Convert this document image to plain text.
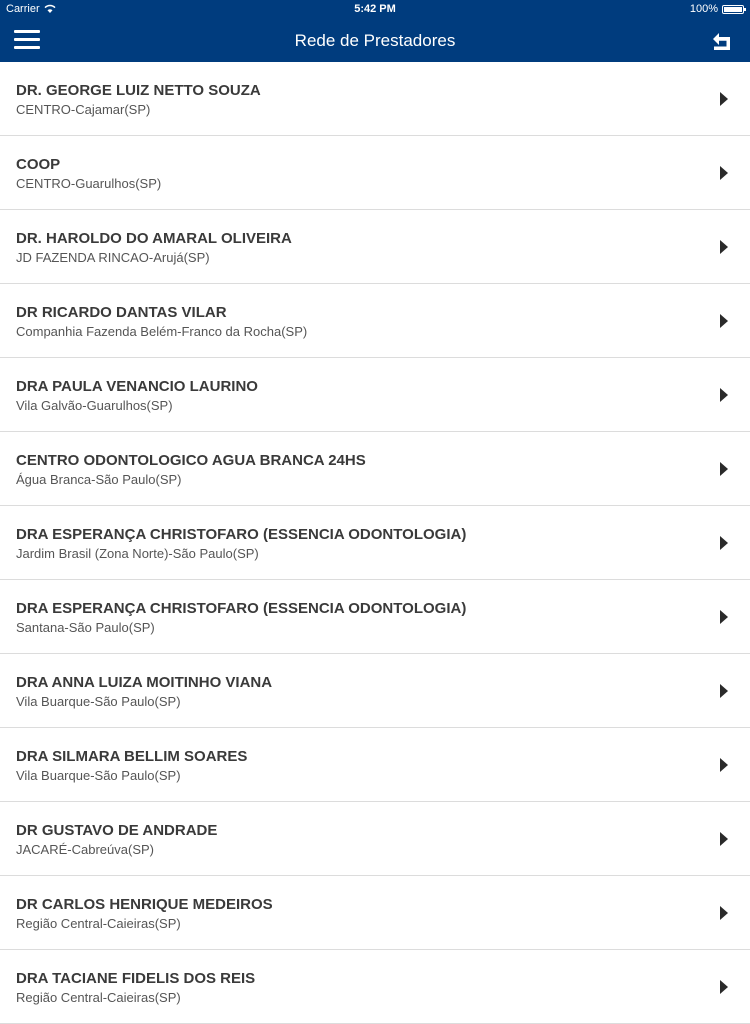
Carrier	5:42 PM	100%
Rede de Prestadores
DR. GEORGE LUIZ NETTO SOUZA
CENTRO-Cajamar(SP)
COOP
CENTRO-Guarulhos(SP)
DR. HAROLDO DO AMARAL OLIVEIRA
JD FAZENDA RINCAO-Arujá(SP)
DR RICARDO DANTAS VILAR
Companhia Fazenda Belém-Franco da Rocha(SP)
DRA PAULA VENANCIO LAURINO
Vila Galvão-Guarulhos(SP)
CENTRO ODONTOLOGICO AGUA BRANCA 24HS
Água Branca-São Paulo(SP)
DRA ESPERANÇA CHRISTOFARO (ESSENCIA ODONTOLOGIA)
Jardim Brasil (Zona Norte)-São Paulo(SP)
DRA ESPERANÇA CHRISTOFARO (ESSENCIA ODONTOLOGIA)
Santana-São Paulo(SP)
DRA ANNA LUIZA MOITINHO VIANA
Vila Buarque-São Paulo(SP)
DRA SILMARA BELLIM SOARES
Vila Buarque-São Paulo(SP)
DR GUSTAVO DE ANDRADE
JACARÉ-Cabreúva(SP)
DR CARLOS HENRIQUE MEDEIROS
Região Central-Caieiras(SP)
DRA TACIANE FIDELIS DOS REIS
Região Central-Caieiras(SP)
